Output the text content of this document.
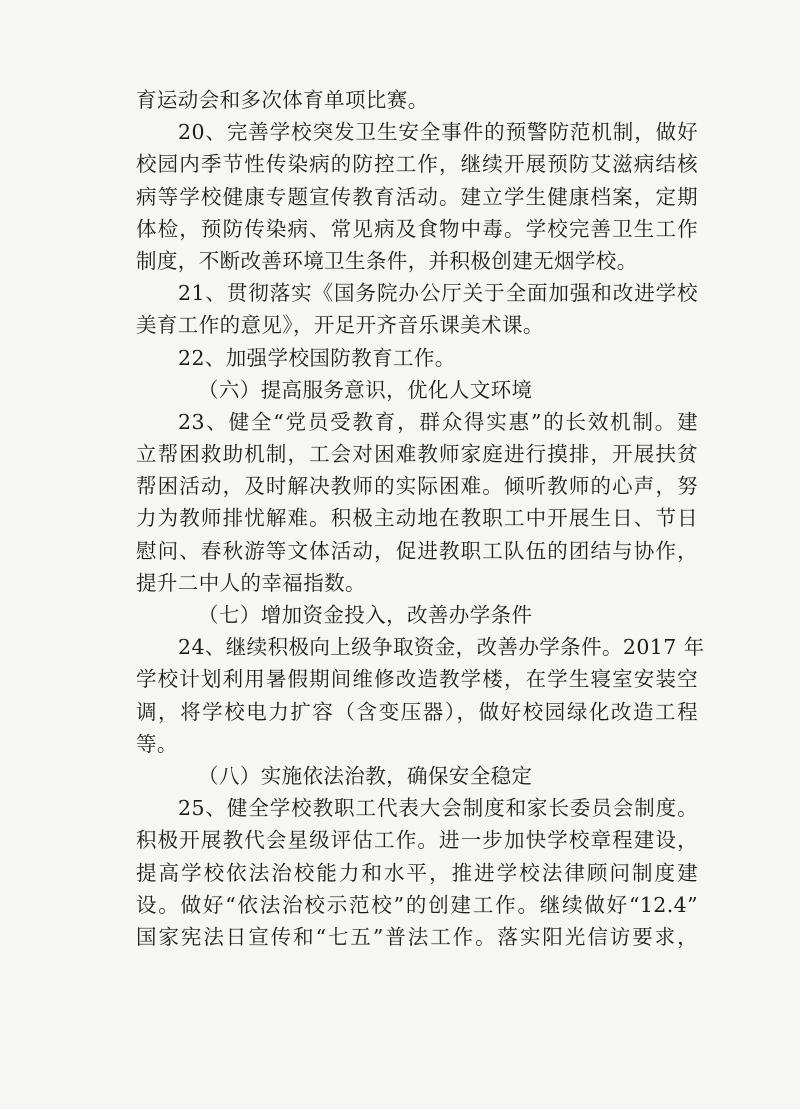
育运动会和多次体育单项比赛。
20、完善学校突发卫生安全事件的预警防范机制，做好
校园内季节性传染病的防控工作，继续开展预防艾滋病结核
病等学校健康专题宣传教育活动。建立学生健康档案，定期
体检，预防传染病、常见病及食物中毒。学校完善卫生工作
制度，不断改善环境卫生条件，并积极创建无烟学校。
21、贯彻落实《国务院办公厅关于全面加强和改进学校
美育工作的意见》，开足开齐音乐课美术课。
22、加强学校国防教育工作。
（六）提高服务意识，优化人文环境
23、健全“党员受教育，群众得实惠”的长效机制。建
立帮困救助机制，工会对困难教师家庭进行摸排，开展扶贫
帮困活动，及时解决教师的实际困难。倾听教师的心声，努
力为教师排忧解难。积极主动地在教职工中开展生日、节日
慰问、春秋游等文体活动，促进教职工队伍的团结与协作，
提升二中人的幸福指数。
（七）增加资金投入，改善办学条件
24、继续积极向上级争取资金，改善办学条件。2017 年
学校计划利用暑假期间维修改造教学楼，在学生寝室安装空
调，将学校电力扩容（含变压器），做好校园绿化改造工程
等。
（八）实施依法治教，确保安全稳定
25、健全学校教职工代表大会制度和家长委员会制度。
积极开展教代会星级评估工作。进一步加快学校章程建设，
提高学校依法治校能力和水平，推进学校法律顾问制度建
设。做好“依法治校示范校”的创建工作。继续做好“12.4”
国家宪法日宣传和“七五”普法工作。落实阳光信访要求，
